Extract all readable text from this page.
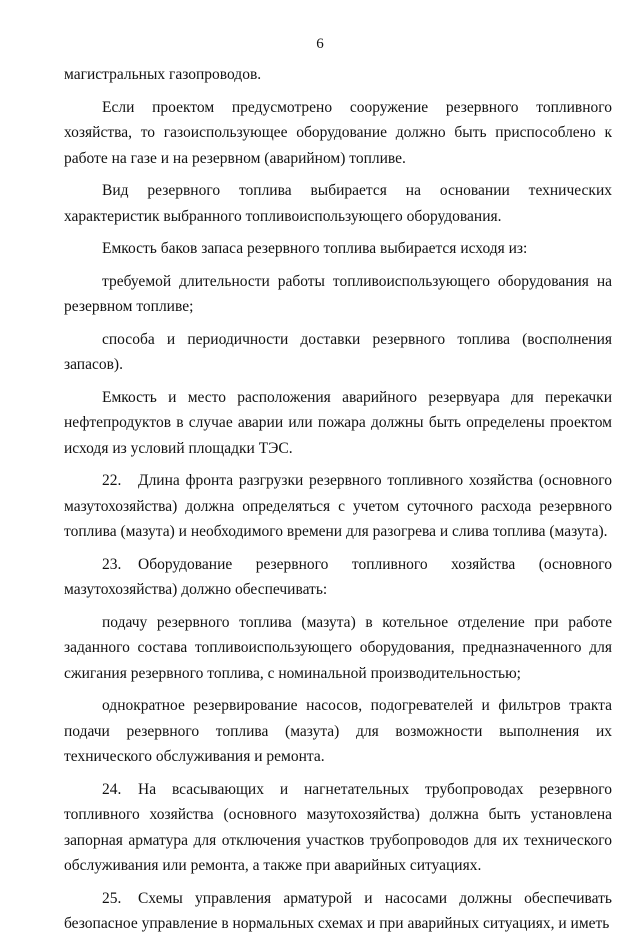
6

магистральных газопроводов.

Если проектом предусмотрено сооружение резервного топливного хозяйства, то газоиспользующее оборудование должно быть приспособлено к работе на газе и на резервном (аварийном) топливе.

Вид резервного топлива выбирается на основании технических характеристик выбранного топливоиспользующего оборудования.

Емкость баков запаса резервного топлива выбирается исходя из:

требуемой длительности работы топливоиспользующего оборудования на резервном топливе;

способа и периодичности доставки резервного топлива (восполнения запасов).

Емкость и место расположения аварийного резервуара для перекачки нефтепродуктов в случае аварии или пожара должны быть определены проектом исходя из условий площадки ТЭС.

22. Длина фронта разгрузки резервного топливного хозяйства (основного мазутохозяйства) должна определяться с учетом суточного расхода резервного топлива (мазута) и необходимого времени для разогрева и слива топлива (мазута).

23. Оборудование резервного топливного хозяйства (основного мазутохозяйства) должно обеспечивать:

подачу резервного топлива (мазута) в котельное отделение при работе заданного состава топливоиспользующего оборудования, предназначенного для сжигания резервного топлива, с номинальной производительностью;

однократное резервирование насосов, подогревателей и фильтров тракта подачи резервного топлива (мазута) для возможности выполнения их технического обслуживания и ремонта.

24. На всасывающих и нагнетательных трубопроводах резервного топливного хозяйства (основного мазутохозяйства) должна быть установлена запорная арматура для отключения участков трубопроводов для их технического обслуживания или ремонта, а также при аварийных ситуациях.

25. Схемы управления арматурой и насосами должны обеспечивать безопасное управление в нормальных схемах и при аварийных ситуациях, и иметь
